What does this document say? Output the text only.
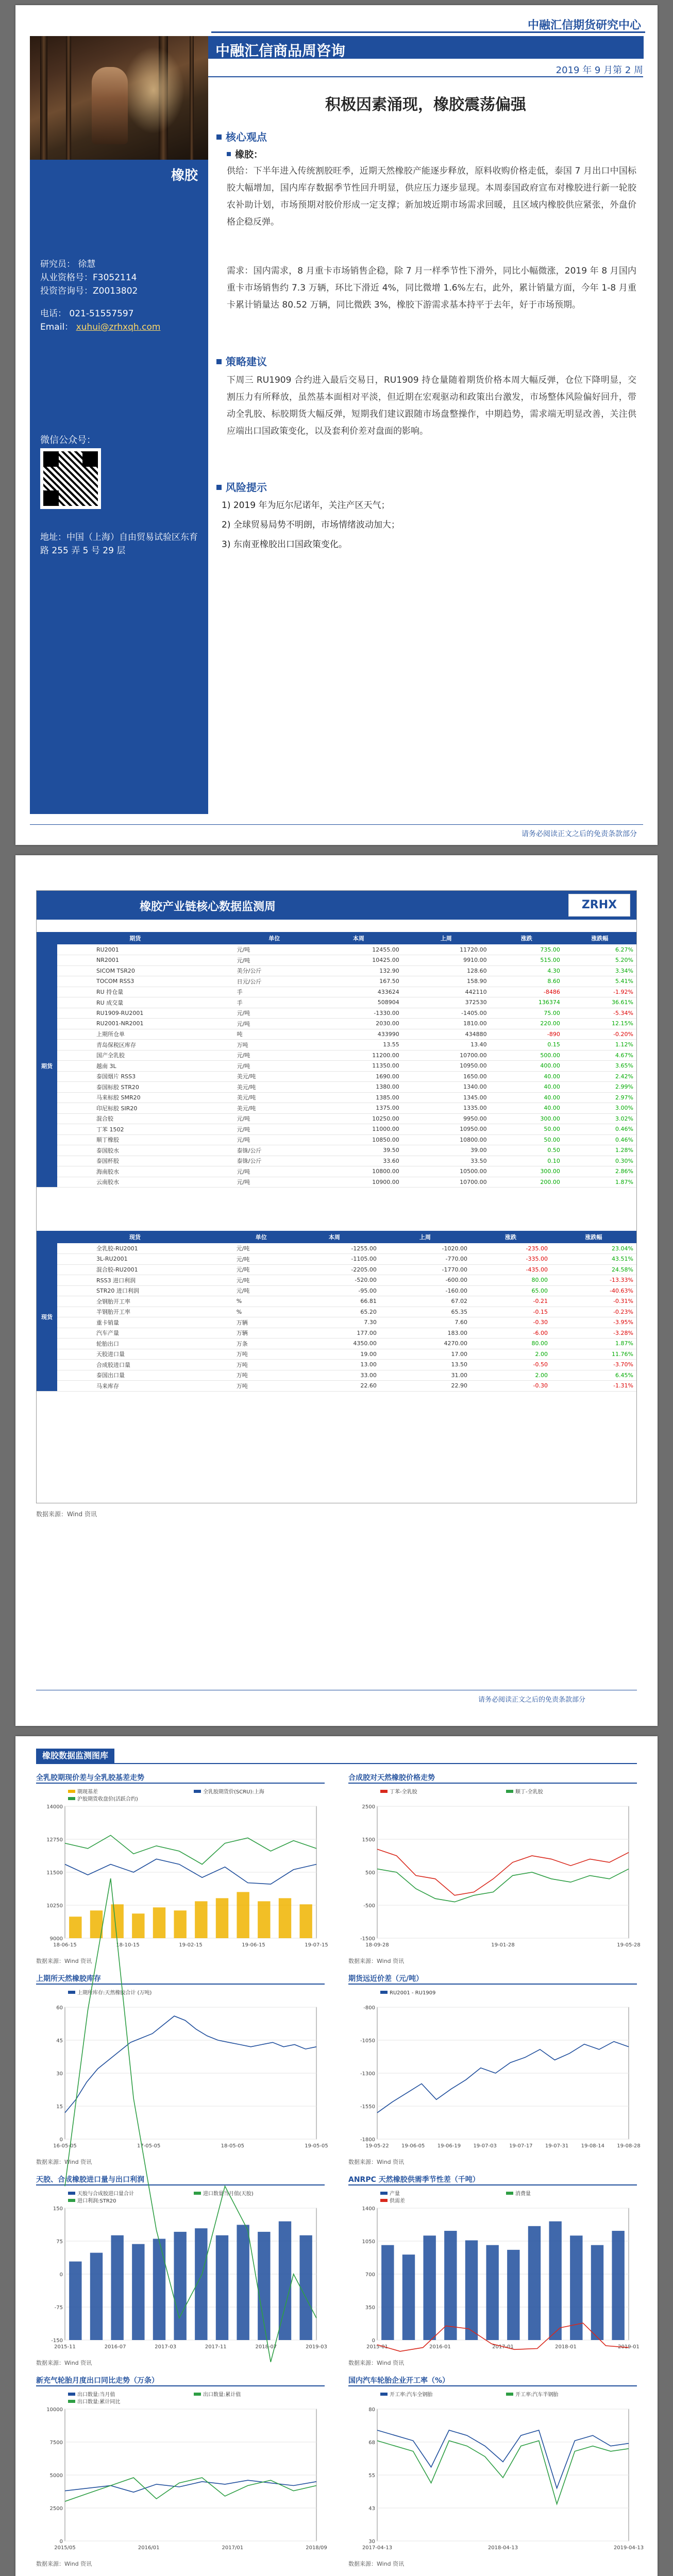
中融汇信期货研究中心
橡胶
研究员： 徐慧
从业资格号：F3052114
投资咨询号：Z0013802
电话： 021-51557597
Email： xuhui@zrhxqh.com
微信公众号：
地址：中国（上海）自由贸易试验区东育路 255 弄 5 号 29 层
中融汇信商品周咨询
2019 年 9 月第 2 周
积极因素涌现，橡胶震荡偏强
核心观点
橡胶：
供给：下半年进入传统割胶旺季，近期天然橡胶产能逐步释放，原料收购价格走低，泰国 7 月出口中国标胶大幅增加，国内库存数据季节性回升明显，供应压力逐步显现。本周泰国政府宣布对橡胶进行新一轮胶农补助计划，市场预期对胶价形成一定支撑；新加坡近期市场需求回暖，且区域内橡胶供应紧张，外盘价格企稳反弹。
需求：国内需求，8 月重卡市场销售企稳，除 7 月一样季节性下滑外，同比小幅微涨，2019 年 8 月国内重卡市场销售约 7.3 万辆，环比下滑近 4%，同比微增 1.6%左右，此外，累计销量方面，今年 1-8 月重卡累计销量达 80.52 万辆，同比微跌 3%，橡胶下游需求基本持平于去年，好于市场预期。
策略建议
下周三 RU1909 合约进入最后交易日，RU1909 持仓量随着期货价格本周大幅反弹，仓位下降明显，交割压力有所释放，虽然基本面相对平淡，但近期在宏观驱动和政策出台激发，市场整体风险偏好回升，带动全乳胶、标胶期货大幅反弹，短期我们建议跟随市场盘整操作，中期趋势，需求端无明显改善，关注供应端出口国政策变化，以及套利价差对盘面的影响。
风险提示
1) 2019 年为厄尔尼诺年，关注产区天气；
2) 全球贸易局势不明朗，市场情绪波动加大；
3) 东南亚橡胶出口国政策变化。
请务必阅读正文之后的免责条款部分
橡胶产业链核心数据监测周	ZRHX
期货			单位	本周	上周	涨跌	涨跌幅
期货		RU2001	元/吨	12455.00	11720.00	735.00	6.27%
		NR2001	元/吨	10425.00	9910.00	515.00	5.20%
		SICOM TSR20	美分/公斤	132.90	128.60	4.30	3.34%
		TOCOM RSS3	日元/公斤	167.50	158.90	8.60	5.41%
		RU 持仓量	手	433624	442110	-8486	-1.92%
		RU 成交量	手	508904	372530	136374	36.61%
		RU1909-RU2001	元/吨	-1330.00	-1405.00	75.00	-5.34%
		RU2001-NR2001	元/吨	2030.00	1810.00	220.00	12.15%
		上期所仓单	吨	433990	434880	-890	-0.20%
		青岛保税区库存	万吨	13.55	13.40	0.15	1.12%
		国产全乳胶	元/吨	11200.00	10700.00	500.00	4.67%
		越南 3L	元/吨	11350.00	10950.00	400.00	3.65%
		泰国烟片 RSS3	美元/吨	1690.00	1650.00	40.00	2.42%
		泰国标胶 STR20	美元/吨	1380.00	1340.00	40.00	2.99%
		马来标胶 SMR20	美元/吨	1385.00	1345.00	40.00	2.97%
		印尼标胶 SIR20	美元/吨	1375.00	1335.00	40.00	3.00%
		混合胶	元/吨	10250.00	9950.00	300.00	3.02%
		丁苯 1502	元/吨	11000.00	10950.00	50.00	0.46%
		顺丁橡胶	元/吨	10850.00	10800.00	50.00	0.46%
		泰国胶水	泰铢/公斤	39.50	39.00	0.50	1.28%
		泰国杯胶	泰铢/公斤	33.60	33.50	0.10	0.30%
		海南胶水	元/吨	10800.00	10500.00	300.00	2.86%
		云南胶水	元/吨	10900.00	10700.00	200.00	1.87%
现货			单位	本周	上周	涨跌	涨跌幅
现货		全乳胶-RU2001	元/吨	-1255.00	-1020.00	-235.00	23.04%
		3L-RU2001	元/吨	-1105.00	-770.00	-335.00	43.51%
		混合胶-RU2001	元/吨	-2205.00	-1770.00	-435.00	24.58%
		RSS3 进口利润	元/吨	-520.00	-600.00	80.00	-13.33%
		STR20 进口利润	元/吨	-95.00	-160.00	65.00	-40.63%
		全钢胎开工率	%	66.81	67.02	-0.21	-0.31%
		半钢胎开工率	%	65.20	65.35	-0.15	-0.23%
		重卡销量	万辆	7.30	7.60	-0.30	-3.95%
		汽车产量	万辆	177.00	183.00	-6.00	-3.28%
		轮胎出口	万条	4350.00	4270.00	80.00	1.87%
		天胶进口量	万吨	19.00	17.00	2.00	11.76%
		合成胶进口量	万吨	13.00	13.50	-0.50	-3.70%
		泰国出口量	万吨	33.00	31.00	2.00	6.45%
		马来库存	万吨	22.60	22.90	-0.30	-1.31%
数据来源：Wind 资讯
请务必阅读正文之后的免责条款部分
橡胶数据监测图库
全乳胶期现价差与全乳胶基差走势
9000
10250
11500
12750
14000
期现基差	全乳胶期货价(SCRU):上海
沪胶期货收盘价(活跃合约)
18-06-15	18-10-15	19-02-15	19-06-15	19-07-15
数据来源：Wind 资讯
合成胶对天然橡胶价格走势
-1500
-500
500
1500
2500
丁苯-全乳胶	顺丁-全乳胶
18-09-28	19-01-28	19-05-28
数据来源：Wind 资讯
上期所天然橡胶库存
0
15
30
45
60
上期所库存:天然橡胶合计 (万吨)
16-05-05	17-05-05	18-05-05	19-05-05
数据来源：Wind 资讯
期货远近价差（元/吨）
-1800
-1550
-1300
-1050
-800
RU2001 - RU1909
19-05-22 19-06-05 19-06-19 19-07-03 19-07-17 19-07-31 19-08-14 19-08-28
数据来源：Wind 资讯
天胶、合成橡胶进口量与出口利润
-150
-75
0
75
150
天胶与合成胶进口量合计	进口数量当月值(天胶)
进口利润:STR20
2015-11	2016-07	2017-03	2017-11	2018-07	2019-03
数据来源：Wind 资讯
ANRPC 天然橡胶供需季节性差（千吨）
0
350
700
1050
1400
产量	消费量
供需差
2015-01	2016-01	2017-01	2018-01	2019-01
数据来源：Wind 资讯
新充气轮胎月度出口同比走势（万条）
0
2500
5000
7500
10000
出口数量:当月值	出口数量:累计值
出口数量:累计同比
2015/05	2016/01	2017/01	2018/09
数据来源：Wind 资讯
国内汽车轮胎企业开工率（%）
30
43
55
68
80
开工率:汽车全钢胎	开工率:汽车半钢胎
2017-04-13	2018-04-13	2019-04-13
数据来源：Wind 资讯
